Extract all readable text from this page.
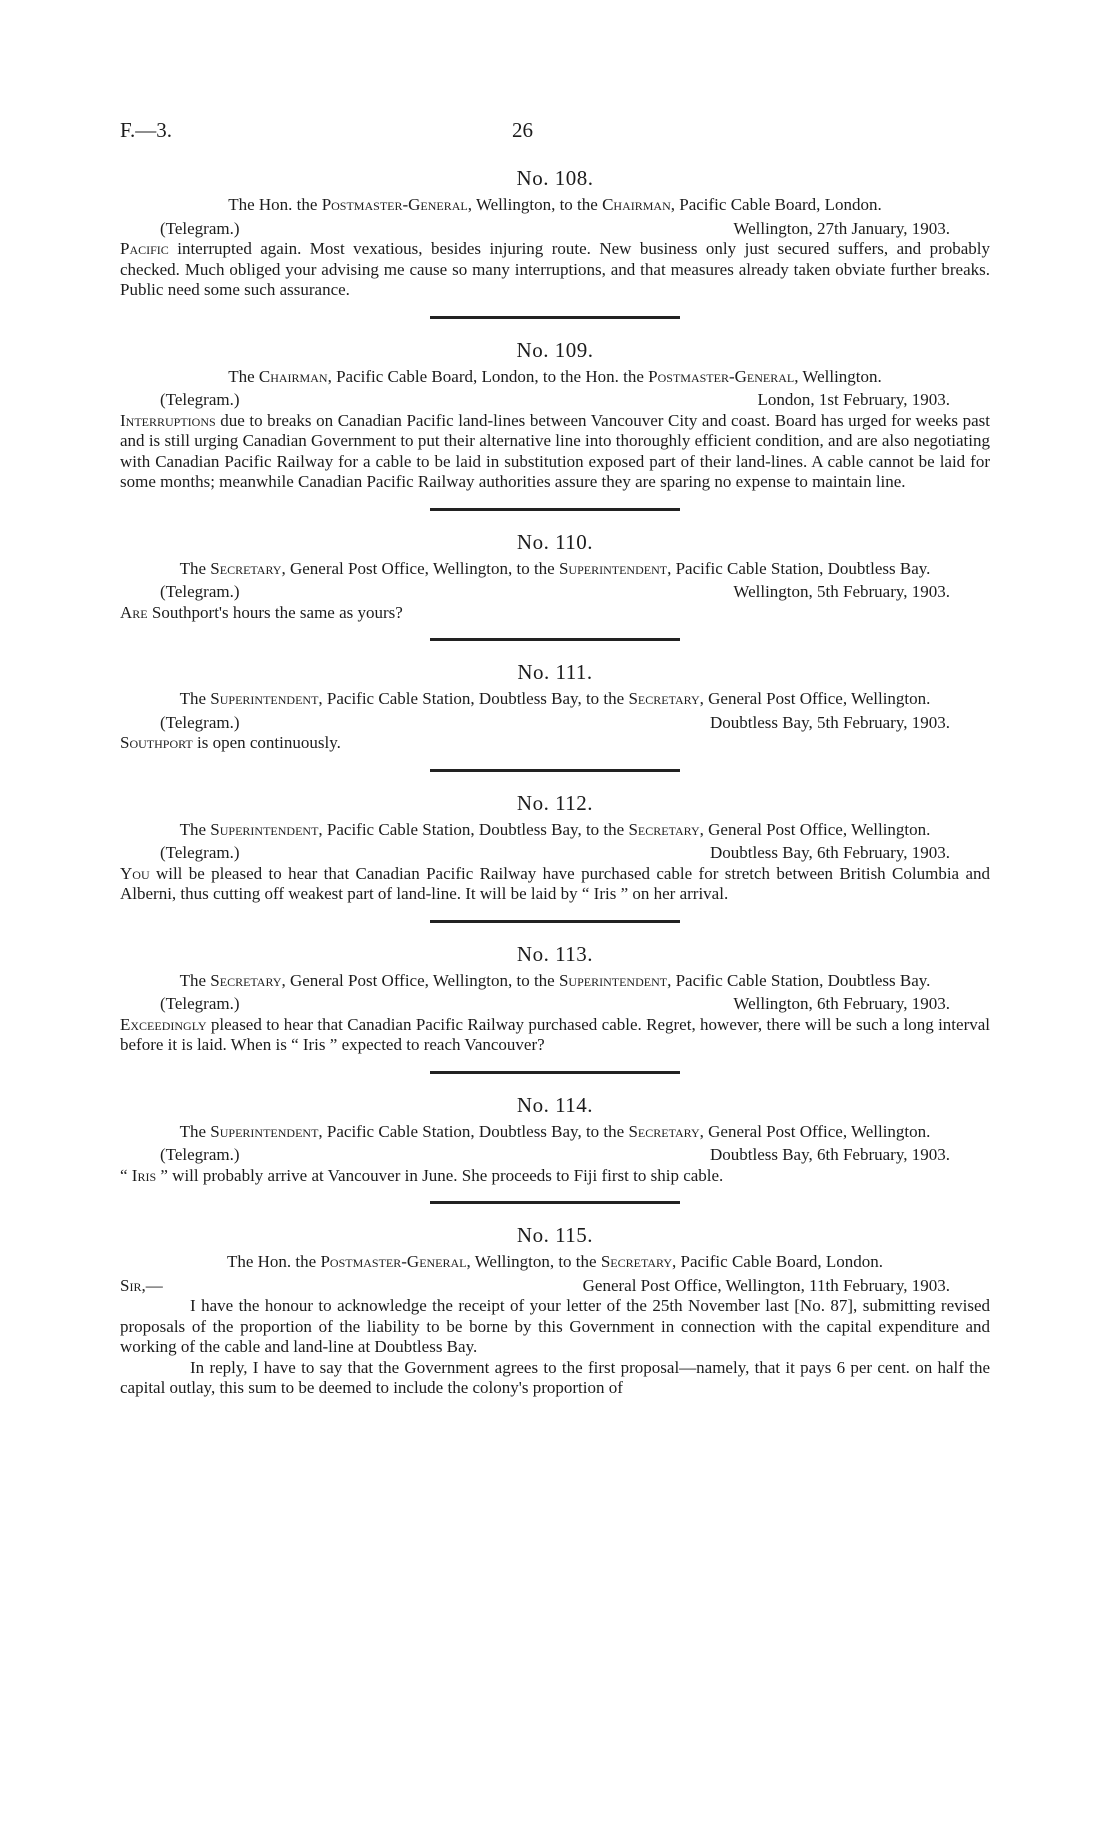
F.—3.	26
No. 108.
The Hon. the Postmaster-General, Wellington, to the Chairman, Pacific Cable Board, London.
(Telegram.)	Wellington, 27th January, 1903.
Pacific interrupted again. Most vexatious, besides injuring route. New business only just secured suffers, and probably checked. Much obliged your advising me cause so many interruptions, and that measures already taken obviate further breaks. Public need some such assurance.
No. 109.
The Chairman, Pacific Cable Board, London, to the Hon. the Postmaster-General, Wellington.
(Telegram.)	London, 1st February, 1903.
Interruptions due to breaks on Canadian Pacific land-lines between Vancouver City and coast. Board has urged for weeks past and is still urging Canadian Government to put their alternative line into thoroughly efficient condition, and are also negotiating with Canadian Pacific Railway for a cable to be laid in substitution exposed part of their land-lines. A cable cannot be laid for some months; meanwhile Canadian Pacific Railway authorities assure they are sparing no expense to maintain line.
No. 110.
The Secretary, General Post Office, Wellington, to the Superintendent, Pacific Cable Station, Doubtless Bay.
(Telegram.)	Wellington, 5th February, 1903.
Are Southport's hours the same as yours?
No. 111.
The Superintendent, Pacific Cable Station, Doubtless Bay, to the Secretary, General Post Office, Wellington.
(Telegram.)	Doubtless Bay, 5th February, 1903.
Southport is open continuously.
No. 112.
The Superintendent, Pacific Cable Station, Doubtless Bay, to the Secretary, General Post Office, Wellington.
(Telegram.)	Doubtless Bay, 6th February, 1903.
You will be pleased to hear that Canadian Pacific Railway have purchased cable for stretch between British Columbia and Alberni, thus cutting off weakest part of land-line. It will be laid by “ Iris ” on her arrival.
No. 113.
The Secretary, General Post Office, Wellington, to the Superintendent, Pacific Cable Station, Doubtless Bay.
(Telegram.)	Wellington, 6th February, 1903.
Exceedingly pleased to hear that Canadian Pacific Railway purchased cable. Regret, however, there will be such a long interval before it is laid. When is “ Iris ” expected to reach Vancouver?
No. 114.
The Superintendent, Pacific Cable Station, Doubtless Bay, to the Secretary, General Post Office, Wellington.
(Telegram.)	Doubtless Bay, 6th February, 1903.
“ Iris ” will probably arrive at Vancouver in June. She proceeds to Fiji first to ship cable.
No. 115.
The Hon. the Postmaster-General, Wellington, to the Secretary, Pacific Cable Board, London.
Sir,—	General Post Office, Wellington, 11th February, 1903.
I have the honour to acknowledge the receipt of your letter of the 25th November last [No. 87], submitting revised proposals of the proportion of the liability to be borne by this Government in connection with the capital expenditure and working of the cable and land-line at Doubtless Bay.
In reply, I have to say that the Government agrees to the first proposal—namely, that it pays 6 per cent. on half the capital outlay, this sum to be deemed to include the colony's proportion of
